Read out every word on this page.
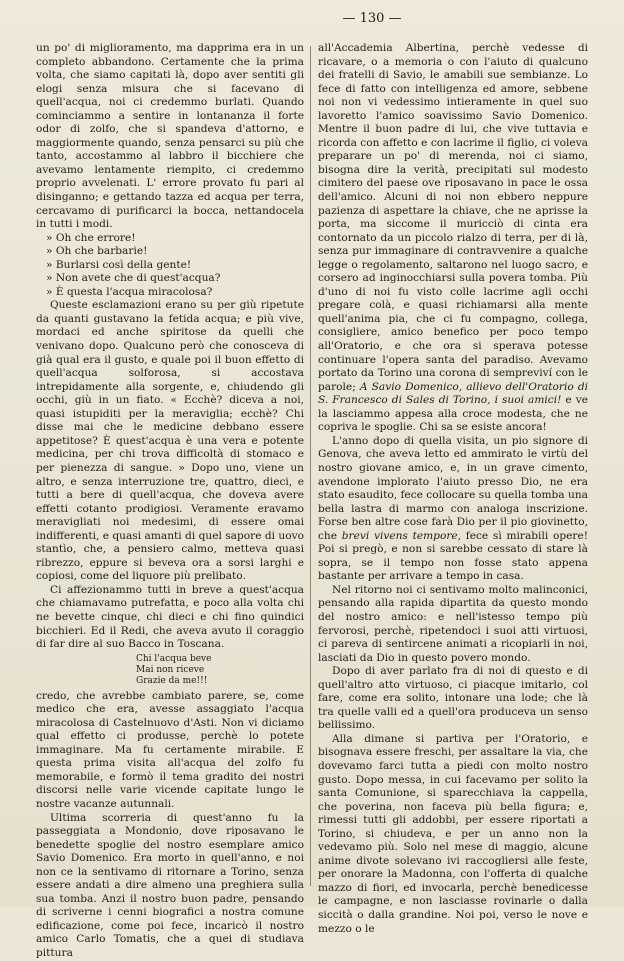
— 130 —

un po' di miglioramento, ma dapprima era in un completo abbandono. Certamente che la prima volta, che siamo capitati là, dopo aver sentiti gli elogi senza misura che si facevano di quell'acqua, noi ci credemmo burlati. Quando cominciammo a sentire in lontananza il forte odor di zolfo, che si spandeva d'attorno, e maggiormente quando, senza pensarci su più che tanto, accostammo al labbro il bicchiere che avevamo lentamente riempito, ci credemmo proprio avvelenati. L' errore provato fu pari al disinganno; e gettando tazza ed acqua per terra, cercavamo di purificarci la bocca, nettandocela in tutti i modi.

» Oh che errore!

» Oh che barbarie!

» Burlarsi così della gente!

» Non avete che di quest'acqua?

» È questa l'acqua miracolosa?

Queste esclamazioni erano su per giù ripetute da quanti gustavano la fetida acqua; e più vive, mordaci ed anche spiritose da quelli che venivano dopo. Qualcuno però che conosceva di già qual era il gusto, e quale poi il buon effetto di quell'acqua solforosa, si accostava intrepidamente alla sorgente, e, chiudendo gli occhi, giù in un fiato. « Ecchè? diceva a noi, quasi istupiditi per la meraviglia; ecchè? Chi disse mai che le medicine debbano essere appetitose? È quest'acqua è una vera e potente medicina, per chi trova difficoltà di stomaco e per pienezza di sangue. » Dopo uno, viene un altro, e senza interruzione tre, quattro, dieci, e tutti a bere di quell'acqua, che doveva avere effetti cotanto prodigiosi. Veramente eravamo meravigliati noi medesimi, di essere omai indifferenti, e quasi amanti di quel sapore di uovo stantìo, che, a pensiero calmo, metteva quasi ribrezzo, eppure si beveva ora a sorsi larghi e copiosi, come del liquore più prelibato.

Ci affezionammo tutti in breve a quest'acqua che chiamavamo putrefatta, e poco alla volta chi ne bevette cinque, chi dieci e chi fino quindici bicchieri. Ed il Redi, che aveva avuto il coraggio di far dire al suo Bacco in Toscana.

Chi l'acqua beve
Mai non riceve
Grazie da me!!!

credo, che avrebbe cambiato parere, se, come medico che era, avesse assaggiato l'acqua miracolosa di Castelnuovo d'Asti. Non vi diciamo qual effetto ci produsse, perchè lo potete immaginare. Ma fu certamente mirabile. E questa prima visita all'acqua del zolfo fu memorabile, e formò il tema gradito dei nostri discorsi nelle varie vicende capitate lungo le nostre vacanze autunnali.

Ultima scorreria di quest'anno fu la passeggiata a Mondonio, dove riposavano le benedette spoglie del nostro esemplare amico Savio Domenico. Era morto in quell'anno, e noi non ce la sentivamo di ritornare a Torino, senza essere andati a dire almeno una preghiera sulla sua tomba. Anzi il nostro buon padre, pensando di scriverne i cenni biografici a nostra comune edificazione, come poi fece, incaricò il nostro amico Carlo Tomatis, che a quei di studiava pittura

all'Accademia Albertina, perchè vedesse di ricavare, o a memoria o con l'aiuto di qualcuno dei fratelli di Savio, le amabili sue sembianze. Lo fece di fatto con intelligenza ed amore, sebbene noi non vi vedessimo intieramente in quel suo lavoretto l'amico soavissimo Savio Domenico. Mentre il buon padre di lui, che vive tuttavia e ricorda con affetto e con lacrime il figlio, ci voleva preparare un po' di merenda, noi ci siamo, bisogna dire la verità, precipitati sul modesto cimitero del paese ove riposavano in pace le ossa dell'amico. Alcuni di noi non ebbero neppure pazienza di aspettare la chiave, che ne aprisse la porta, ma siccome il muricciò di cinta era contornato da un piccolo rialzo di terra, per di là, senza pur immaginare di contravvenire a qualche legge o regolamento, saltarono nel luogo sacro, e corsero ad inginocchiarsi sulla povera tomba. Più d'uno di noi fu visto colle lacrime agli occhi pregare colà, e quasi richiamarsi alla mente quell'anima pia, che ci fu compagno, collega, consigliere, amico benefico per poco tempo all'Oratorio, e che ora si sperava potesse continuare l'opera santa del paradiso. Avevamo portato da Torino una corona di sempreviví con le parole; A Savio Domenico, allievo dell'Oratorio di S. Francesco di Sales di Torino, i suoi amici! e ve la lasciammo appesa alla croce modesta, che ne copriva le spoglie. Chi sa se esiste ancora!

L'anno dopo di quella visita, un pio signore di Genova, che aveva letto ed ammirato le virtù del nostro giovane amico, e, in un grave cimento, avendone implorato l'aiuto presso Dio, ne era stato esaudito, fece collocare su quella tomba una bella lastra di marmo con analoga inscrizione. Forse ben altre cose farà Dio per il pio giovinetto, che brevi vivens tempore, fece sì mirabili opere! Poi si pregò, e non si sarebbe cessato di stare là sopra, se il tempo non fosse stato appena bastante per arrivare a tempo in casa.

Nel ritorno noi ci sentivamo molto malinconici, pensando alla rapida dipartita da questo mondo del nostro amico: e nell'istesso tempo più fervorosi, perchè, ripetendoci i suoi atti virtuosi, ci pareva di sentircene animati a ricopiarli in noi, lasciati da Dio in questo povero mondo.

Dopo di aver parlato fra di noi di questo e di quell'altro atto virtuoso, ci piacque imitarlo, col fare, come era solito, intonare una lode; che là tra quelle valli ed a quell'ora produceva un senso bellissimo.

Alla dimane si partiva per l'Oratorio, e bisognava essere freschi, per assaltare la via, che dovevamo farci tutta a piedi con molto nostro gusto. Dopo messa, in cui facevamo per solito la santa Comunione, si sparecchiava la cappella, che poverina, non faceva più bella figura; e, rimessi tutti gli addobbi, per essere riportati a Torino, si chiudeva, e per un anno non la vedevamo più. Solo nel mese di maggio, alcune anime divote solevano ivi raccogliersi alle feste, per onorare la Madonna, con l'offerta di qualche mazzo di fiori, ed invocarla, perchè benedicesse le campagne, e non lasciasse rovinarle o dalla siccità o dalla grandine. Noi poi, verso le nove e mezzo o le
